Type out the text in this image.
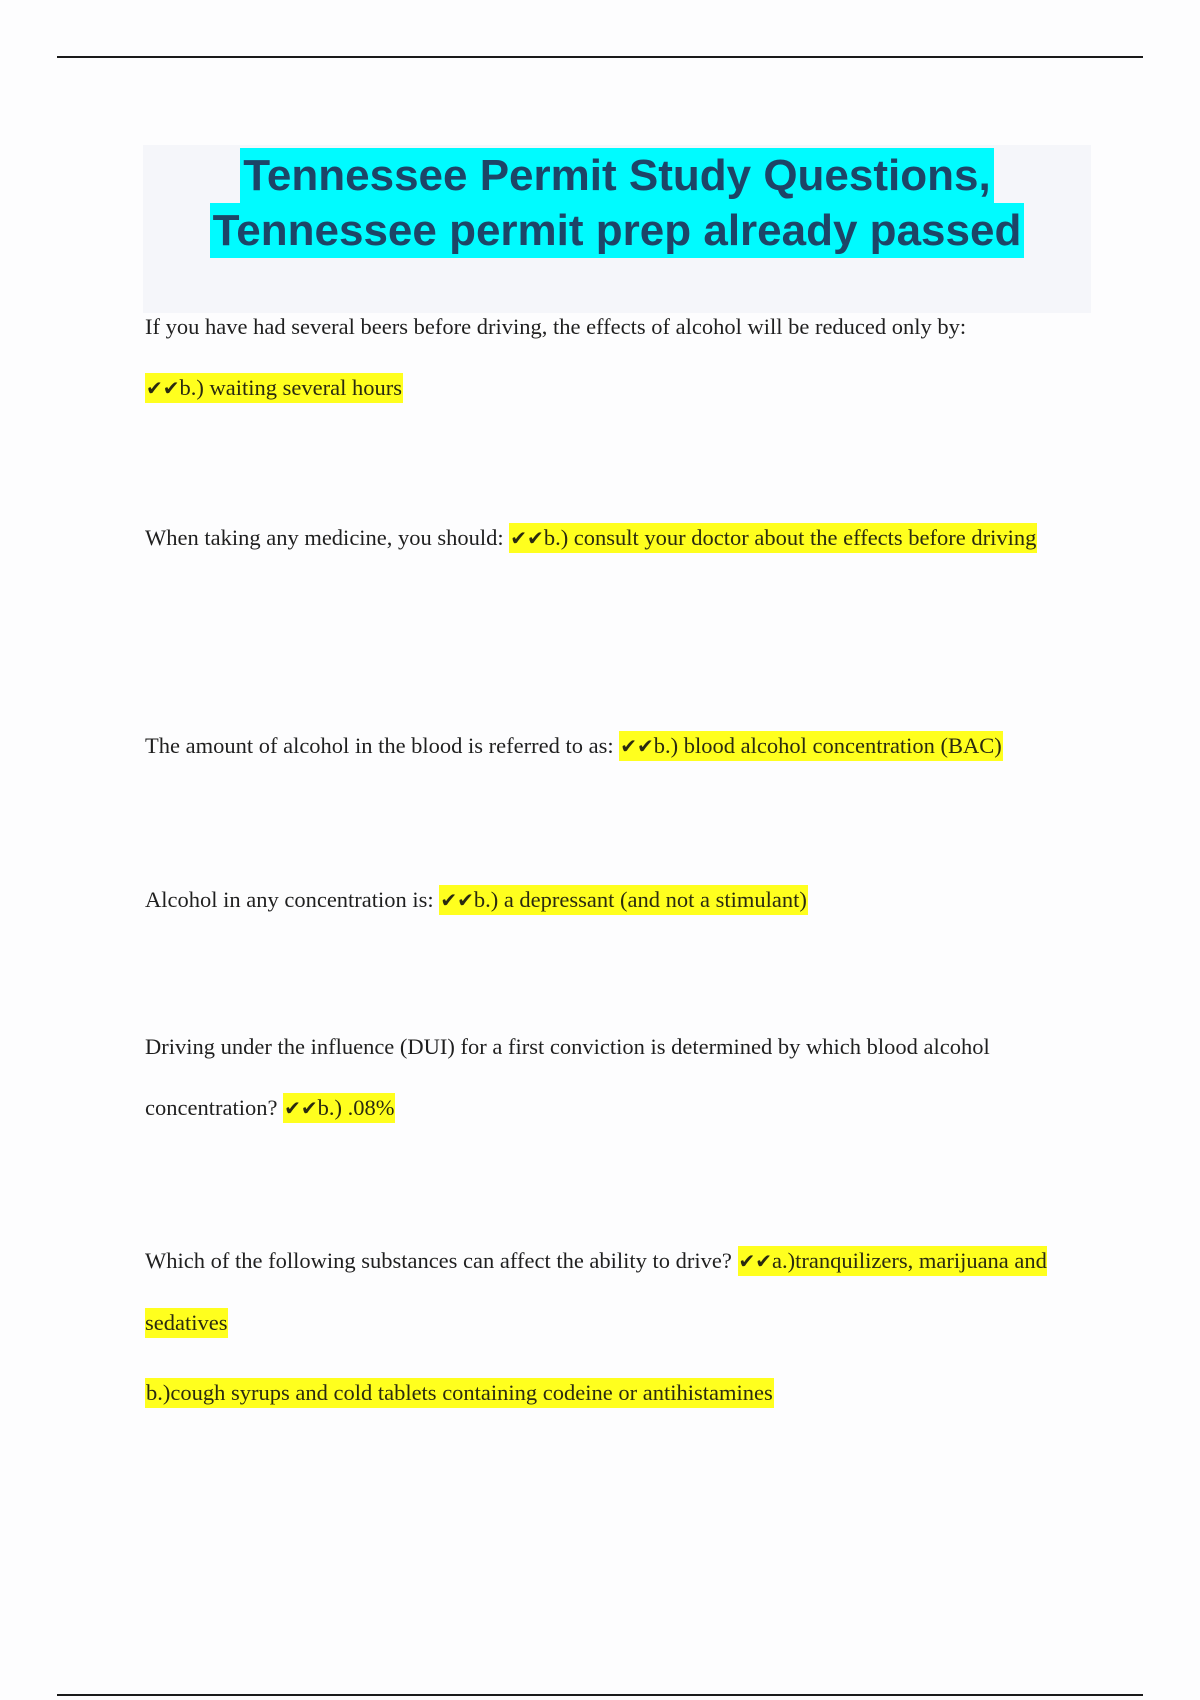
Tennessee Permit Study Questions,
Tennessee permit prep already passed

If you have had several beers before driving, the effects of alcohol will be reduced only by:
✔✔b.) waiting several hours

When taking any medicine, you should: ✔✔b.) consult your doctor about the effects before driving

The amount of alcohol in the blood is referred to as: ✔✔b.) blood alcohol concentration (BAC)

Alcohol in any concentration is: ✔✔b.) a depressant (and not a stimulant)

Driving under the influence (DUI) for a first conviction is determined by which blood alcohol concentration? ✔✔b.) .08%

Which of the following substances can affect the ability to drive? ✔✔a.)tranquilizers, marijuana and sedatives

b.)cough syrups and cold tablets containing codeine or antihistamines
